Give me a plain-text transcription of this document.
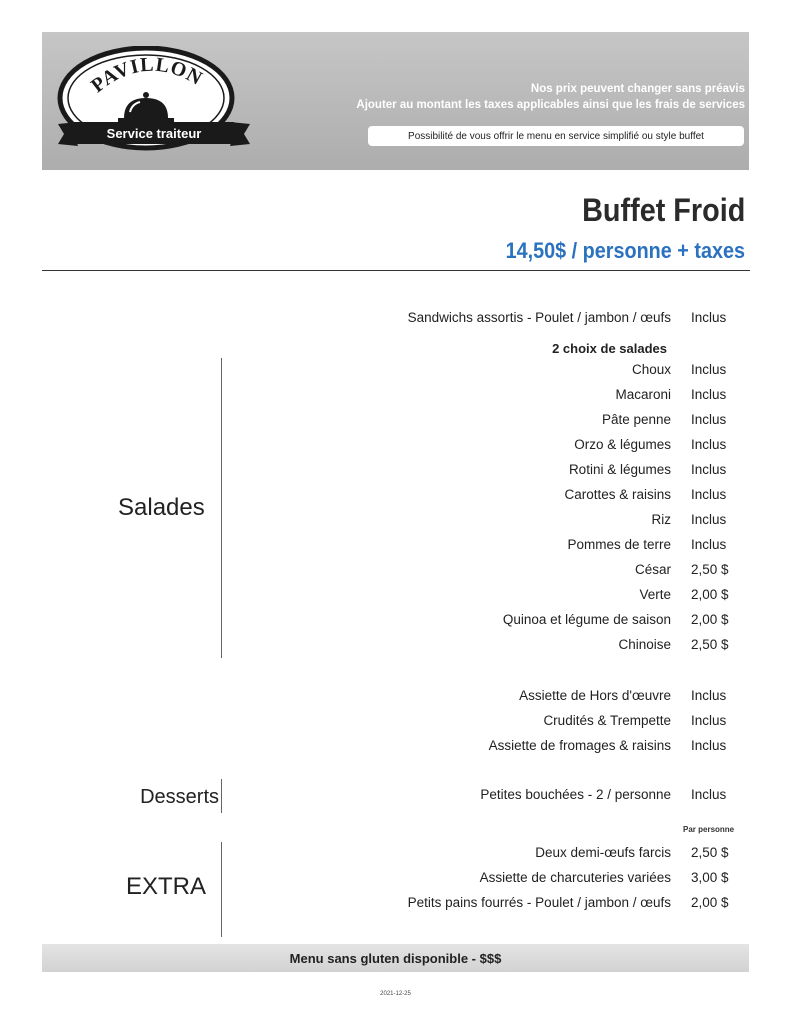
PAVILLON
Service traiteur
Nos prix peuvent changer sans préavis
Ajouter au montant les taxes applicables ainsi que les frais de services
Possibilité de vous offrir le menu en service simplifié ou style buffet
Buffet Froid
14,50$ / personne + taxes
Sandwichs assortis - Poulet / jambon / œufs Inclus
2 choix de salades
Salades
Choux Inclus
Macaroni Inclus
Pâte penne Inclus
Orzo & légumes Inclus
Rotini & légumes Inclus
Carottes & raisins Inclus
Riz Inclus
Pommes de terre Inclus
César 2,50 $
Verte 2,00 $
Quinoa et légume de saison 2,00 $
Chinoise 2,50 $
Assiette de Hors d'œuvre Inclus
Crudités & Trempette Inclus
Assiette de fromages & raisins Inclus
Desserts	Petites bouchées - 2 / personne Inclus
Par personne
EXTRA
Deux demi-œufs farcis 2,50 $
Assiette de charcuteries variées 3,00 $
Petits pains fourrés - Poulet / jambon / œufs 2,00 $
Menu sans gluten disponible - $$$
2021-12-25
